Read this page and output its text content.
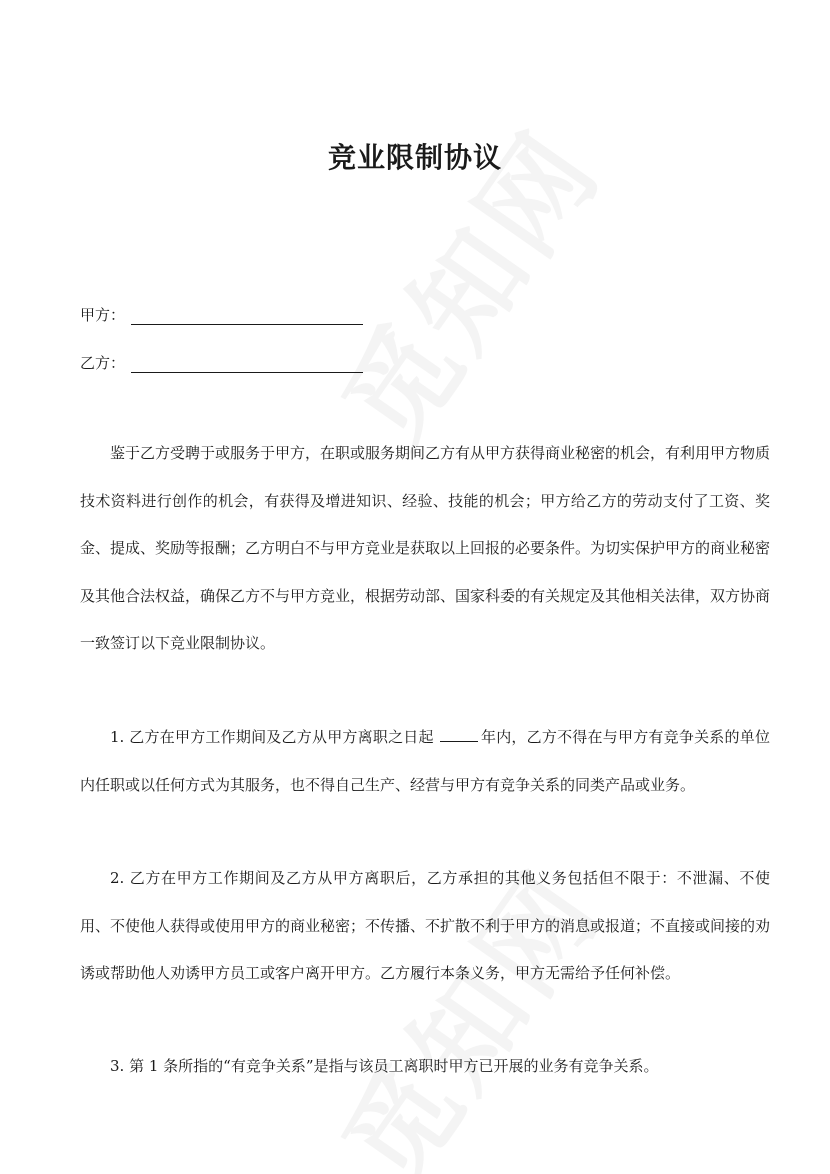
竞业限制协议
甲方：
乙方：
鉴于乙方受聘于或服务于甲方，在职或服务期间乙方有从甲方获得商业秘密的机会，有利用甲方物质技术资料进行创作的机会，有获得及增进知识、经验、技能的机会；甲方给乙方的劳动支付了工资、奖金、提成、奖励等报酬；乙方明白不与甲方竞业是获取以上回报的必要条件。为切实保护甲方的商业秘密及其他合法权益，确保乙方不与甲方竞业，根据劳动部、国家科委的有关规定及其他相关法律，双方协商一致签订以下竞业限制协议。
1. 乙方在甲方工作期间及乙方从甲方离职之日起	年内，乙方不得在与甲方有竞争关系的单位内任职或以任何方式为其服务，也不得自己生产、经营与甲方有竞争关系的同类产品或业务。
2. 乙方在甲方工作期间及乙方从甲方离职后，乙方承担的其他义务包括但不限于：不泄漏、不使用、不使他人获得或使用甲方的商业秘密；不传播、不扩散不利于甲方的消息或报道；不直接或间接的劝诱或帮助他人劝诱甲方员工或客户离开甲方。乙方履行本条义务，甲方无需给予任何补偿。
3. 第 1 条所指的“有竞争关系”是指与该员工离职时甲方已开展的业务有竞争关系。
